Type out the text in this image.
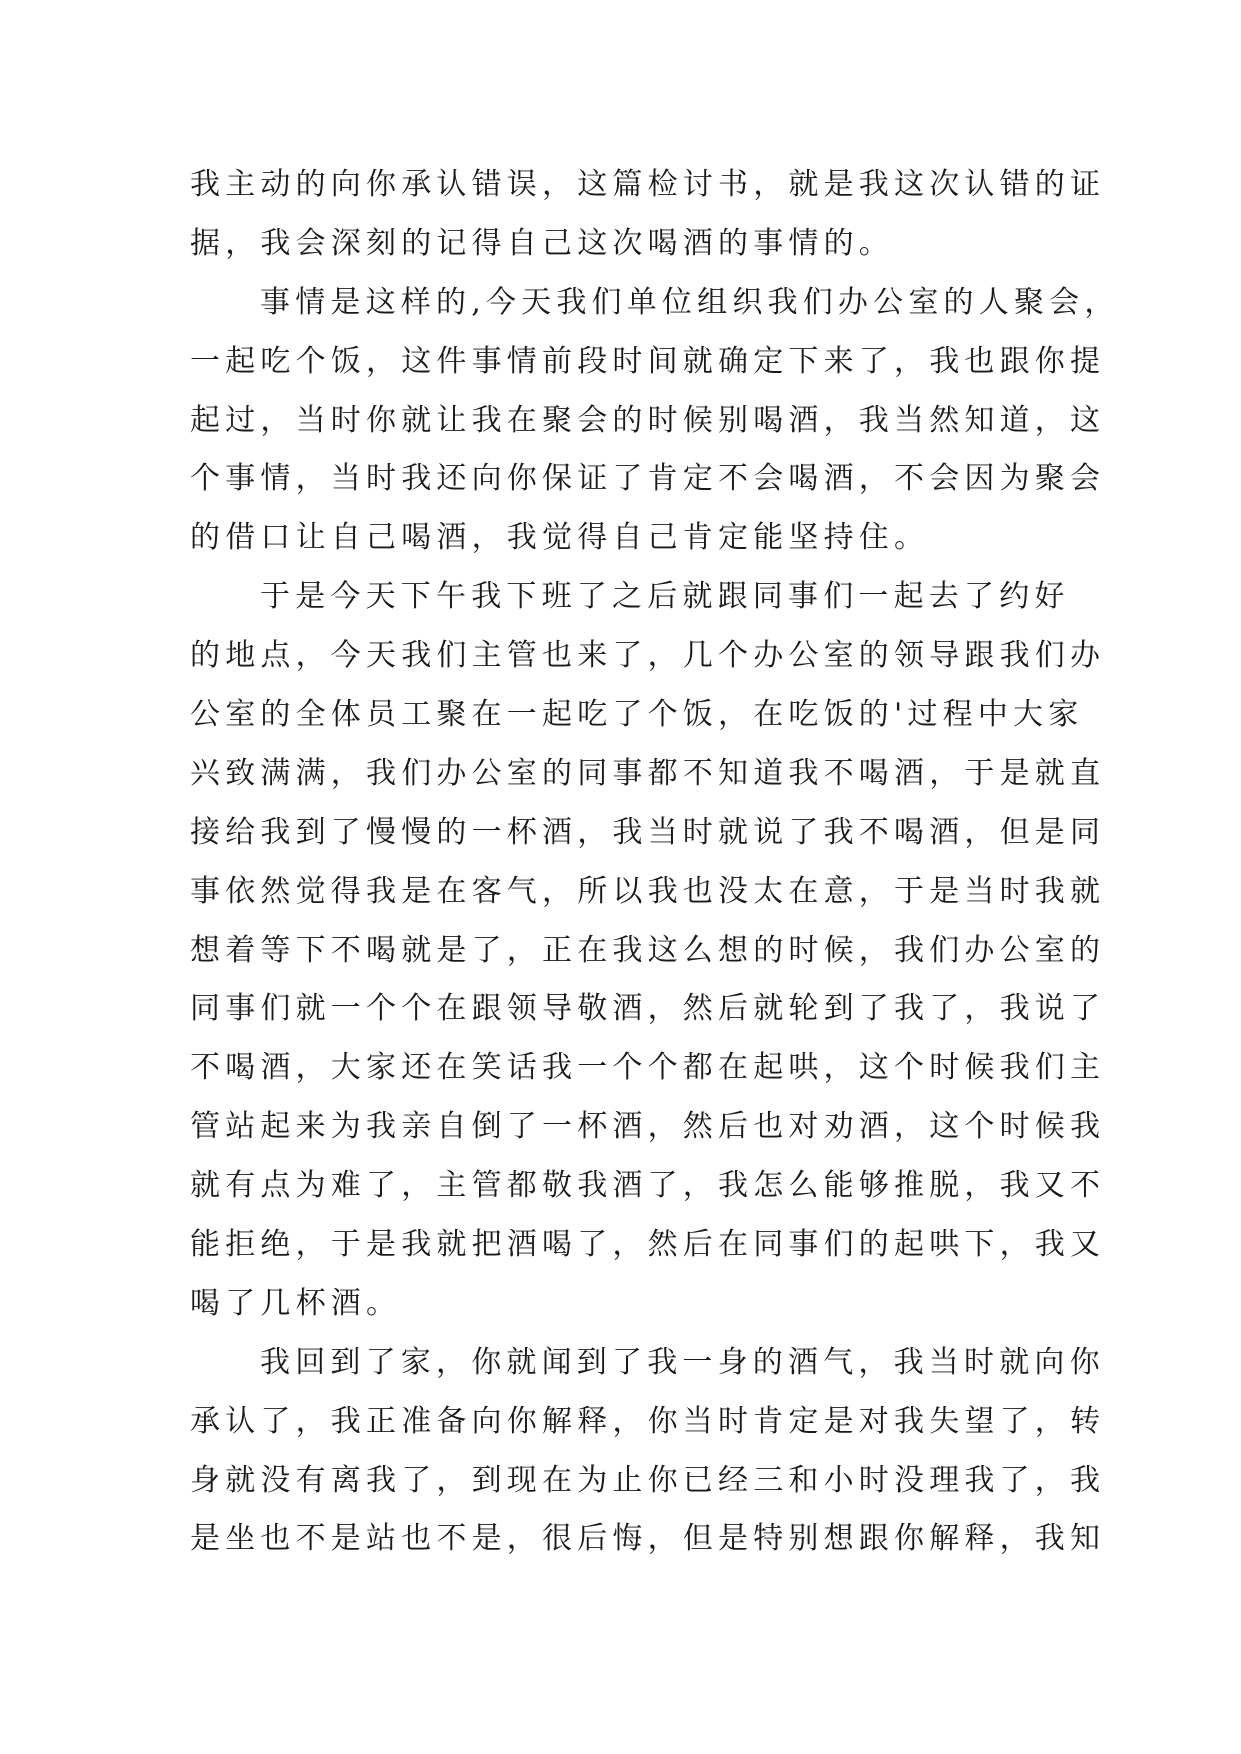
我主动的向你承认错误，这篇检讨书，就是我这次认错的证
据，我会深刻的记得自己这次喝酒的事情的。
事情是这样的,今天我们单位组织我们办公室的人聚会，
一起吃个饭，这件事情前段时间就确定下来了，我也跟你提
起过，当时你就让我在聚会的时候别喝酒，我当然知道，这
个事情，当时我还向你保证了肯定不会喝酒，不会因为聚会
的借口让自己喝酒，我觉得自己肯定能坚持住。
于是今天下午我下班了之后就跟同事们一起去了约好
的地点，今天我们主管也来了，几个办公室的领导跟我们办
公室的全体员工聚在一起吃了个饭，在吃饭的'过程中大家
兴致满满，我们办公室的同事都不知道我不喝酒，于是就直
接给我到了慢慢的一杯酒，我当时就说了我不喝酒，但是同
事依然觉得我是在客气，所以我也没太在意，于是当时我就
想着等下不喝就是了，正在我这么想的时候，我们办公室的
同事们就一个个在跟领导敬酒，然后就轮到了我了，我说了
不喝酒，大家还在笑话我一个个都在起哄，这个时候我们主
管站起来为我亲自倒了一杯酒，然后也对劝酒，这个时候我
就有点为难了，主管都敬我酒了，我怎么能够推脱，我又不
能拒绝，于是我就把酒喝了，然后在同事们的起哄下，我又
喝了几杯酒。
我回到了家，你就闻到了我一身的酒气，我当时就向你
承认了，我正准备向你解释，你当时肯定是对我失望了，转
身就没有离我了，到现在为止你已经三和小时没理我了，我
是坐也不是站也不是，很后悔，但是特别想跟你解释，我知
